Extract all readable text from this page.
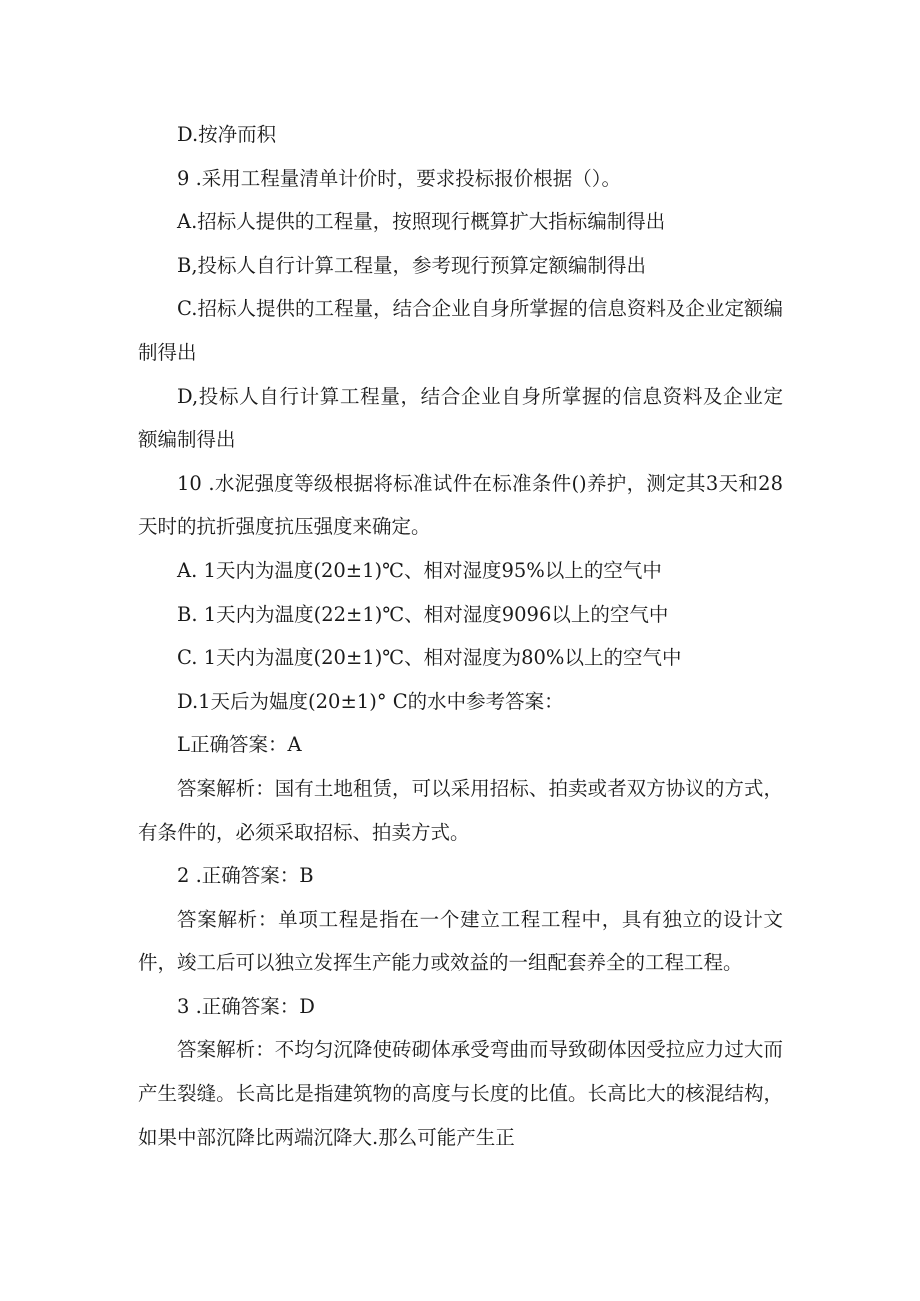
D.按净而积

9 .采用工程量清单计价时，要求投标报价根据（）。

A.招标人提供的工程量，按照现行概算扩大指标编制得出

B,投标人自行计算工程量，参考现行预算定额编制得出

C.招标人提供的工程量，结合企业自身所掌握的信息资料及企业定额编制得出

D,投标人自行计算工程量，结合企业自身所掌握的信息资料及企业定额编制得出

10 .水泥强度等级根据将标准试件在标准条件()养护，测定其3天和28天时的抗折强度抗压强度来确定。

A. 1天内为温度(20±1)℃、相对湿度95%以上的空气中

B. 1天内为温度(22±1)℃、相对湿度9096以上的空气中

C. 1天内为温度(20±1)℃、相对湿度为80%以上的空气中

D.1天后为媪度(20±1)° C的水中参考答案：

L正确答案：A

答案解析：国有土地租赁，可以采用招标、拍卖或者双方协议的方式，有条件的，必须采取招标、拍卖方式。

2 .正确答案：B

答案解析：单项工程是指在一个建立工程工程中，具有独立的设计文件，竣工后可以独立发挥生产能力或效益的一组配套养全的工程工程。

3 .正确答案：D

答案解析：不均匀沉降使砖砌体承受弯曲而导致砌体因受拉应力过大而产生裂缝。长高比是指建筑物的高度与长度的比值。长高比大的核混结构，如果中部沉降比两端沉降大.那么可能产生正
